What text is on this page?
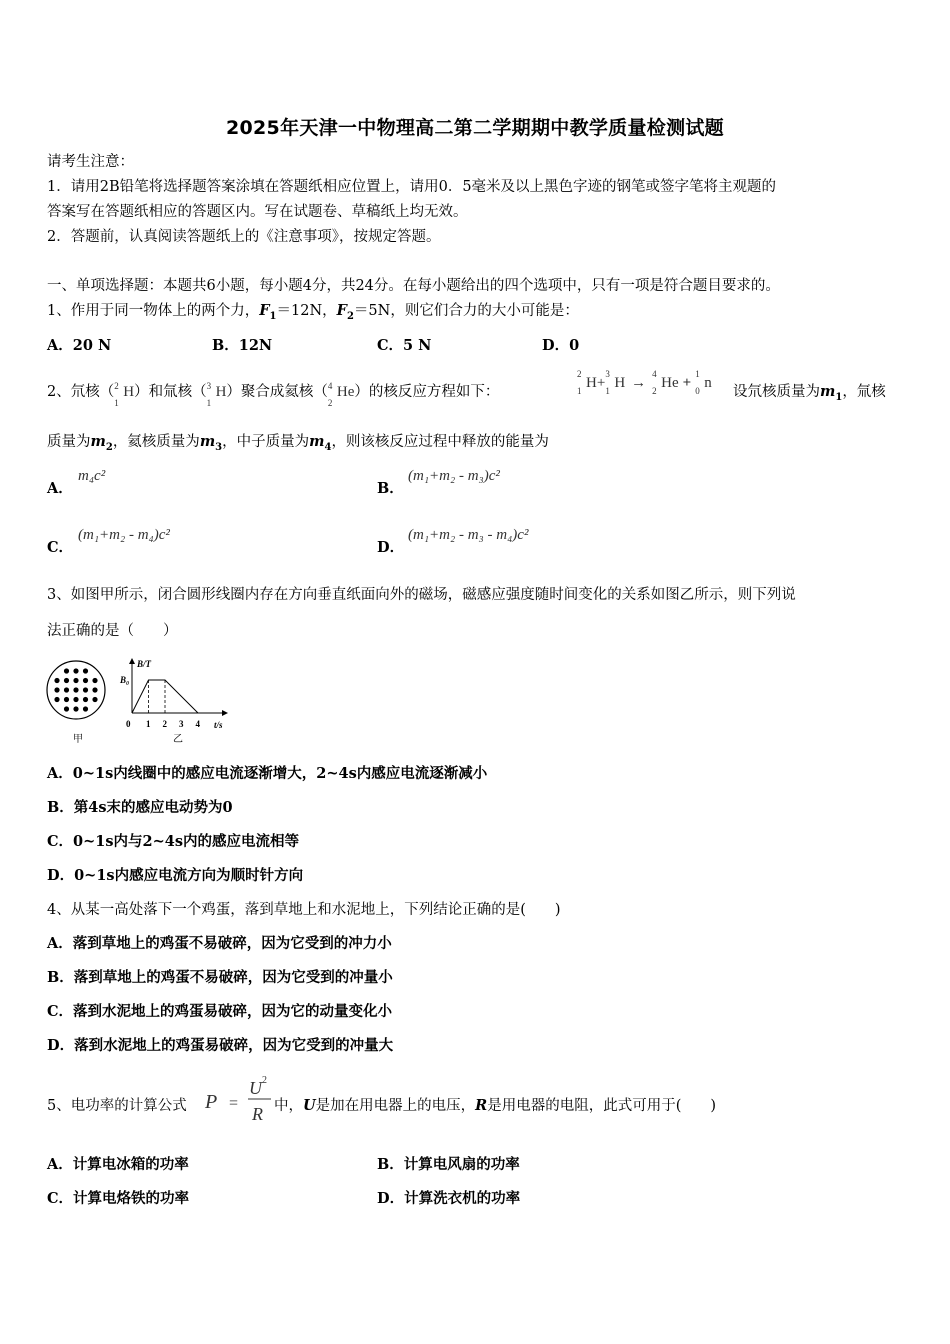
2025年天津一中物理高二第二学期期中教学质量检测试题
请考生注意：
1．请用2B铅笔将选择题答案涂填在答题纸相应位置上，请用0．5毫米及以上黑色字迹的钢笔或签字笔将主观题的
答案写在答题纸相应的答题区内。写在试题卷、草稿纸上均无效。
2．答题前，认真阅读答题纸上的《注意事项》，按规定答题。
一、单项选择题：本题共6小题，每小题4分，共24分。在每小题给出的四个选项中，只有一项是符合题目要求的。
1、作用于同一物体上的两个力，$F_1=12N$，$F_2=5N$，则它们合力的大小可能是：
A．20 N	B．12N	C．5 N	D．0
2、氘核（ 2
1
H）和氚核（ 3
1
H）聚合成氦核（ 4
2
He）的核反应方程如下：
2
1 H+
3
1 H →
4
2 He +
1
0 n
设氘核质量为$m_1$，氚核
质量为$m_2$，氦核质量为$m_3$，中子质量为$m_4$，则该核反应过程中释放的能量为
A．
m₄c²
B．
(m₁+m₂ - m₃)c²
C．
(m₁+m₂ - m₄)c²
D．
(m₁+m₂ - m₃ - m₄)c²
3、如图甲所示，闭合圆形线圈内存在方向垂直纸面向外的磁场，磁感应强度随时间变化的关系如图乙所示，则下列说
法正确的是（　　）
甲
B/T
t/s
B₀
0 1 2 3 4
乙
A．0~1s内线圈中的感应电流逐渐增大，2~4s内感应电流逐渐减小
B．第4s末的感应电动势为0
C．0~1s内与2~4s内的感应电流相等
D．0~1s内感应电流方向为顺时针方向
4、从某一高处落下一个鸡蛋，落到草地上和水泥地上，下列结论正确的是(　　)
A．落到草地上的鸡蛋不易破碎，因为它受到的冲力小
B．落到草地上的鸡蛋不易破碎，因为它受到的冲量小
C．落到水泥地上的鸡蛋易破碎，因为它的动量变化小
D．落到水泥地上的鸡蛋易破碎，因为它受到的冲量大
5、电功率的计算公式 P =
U 2
R 中，U是加在用电器上的电压，R是用电器的电阻，此式可用于(　　)
A．计算电冰箱的功率	B．计算电风扇的功率
C．计算电烙铁的功率	D．计算洗衣机的功率
